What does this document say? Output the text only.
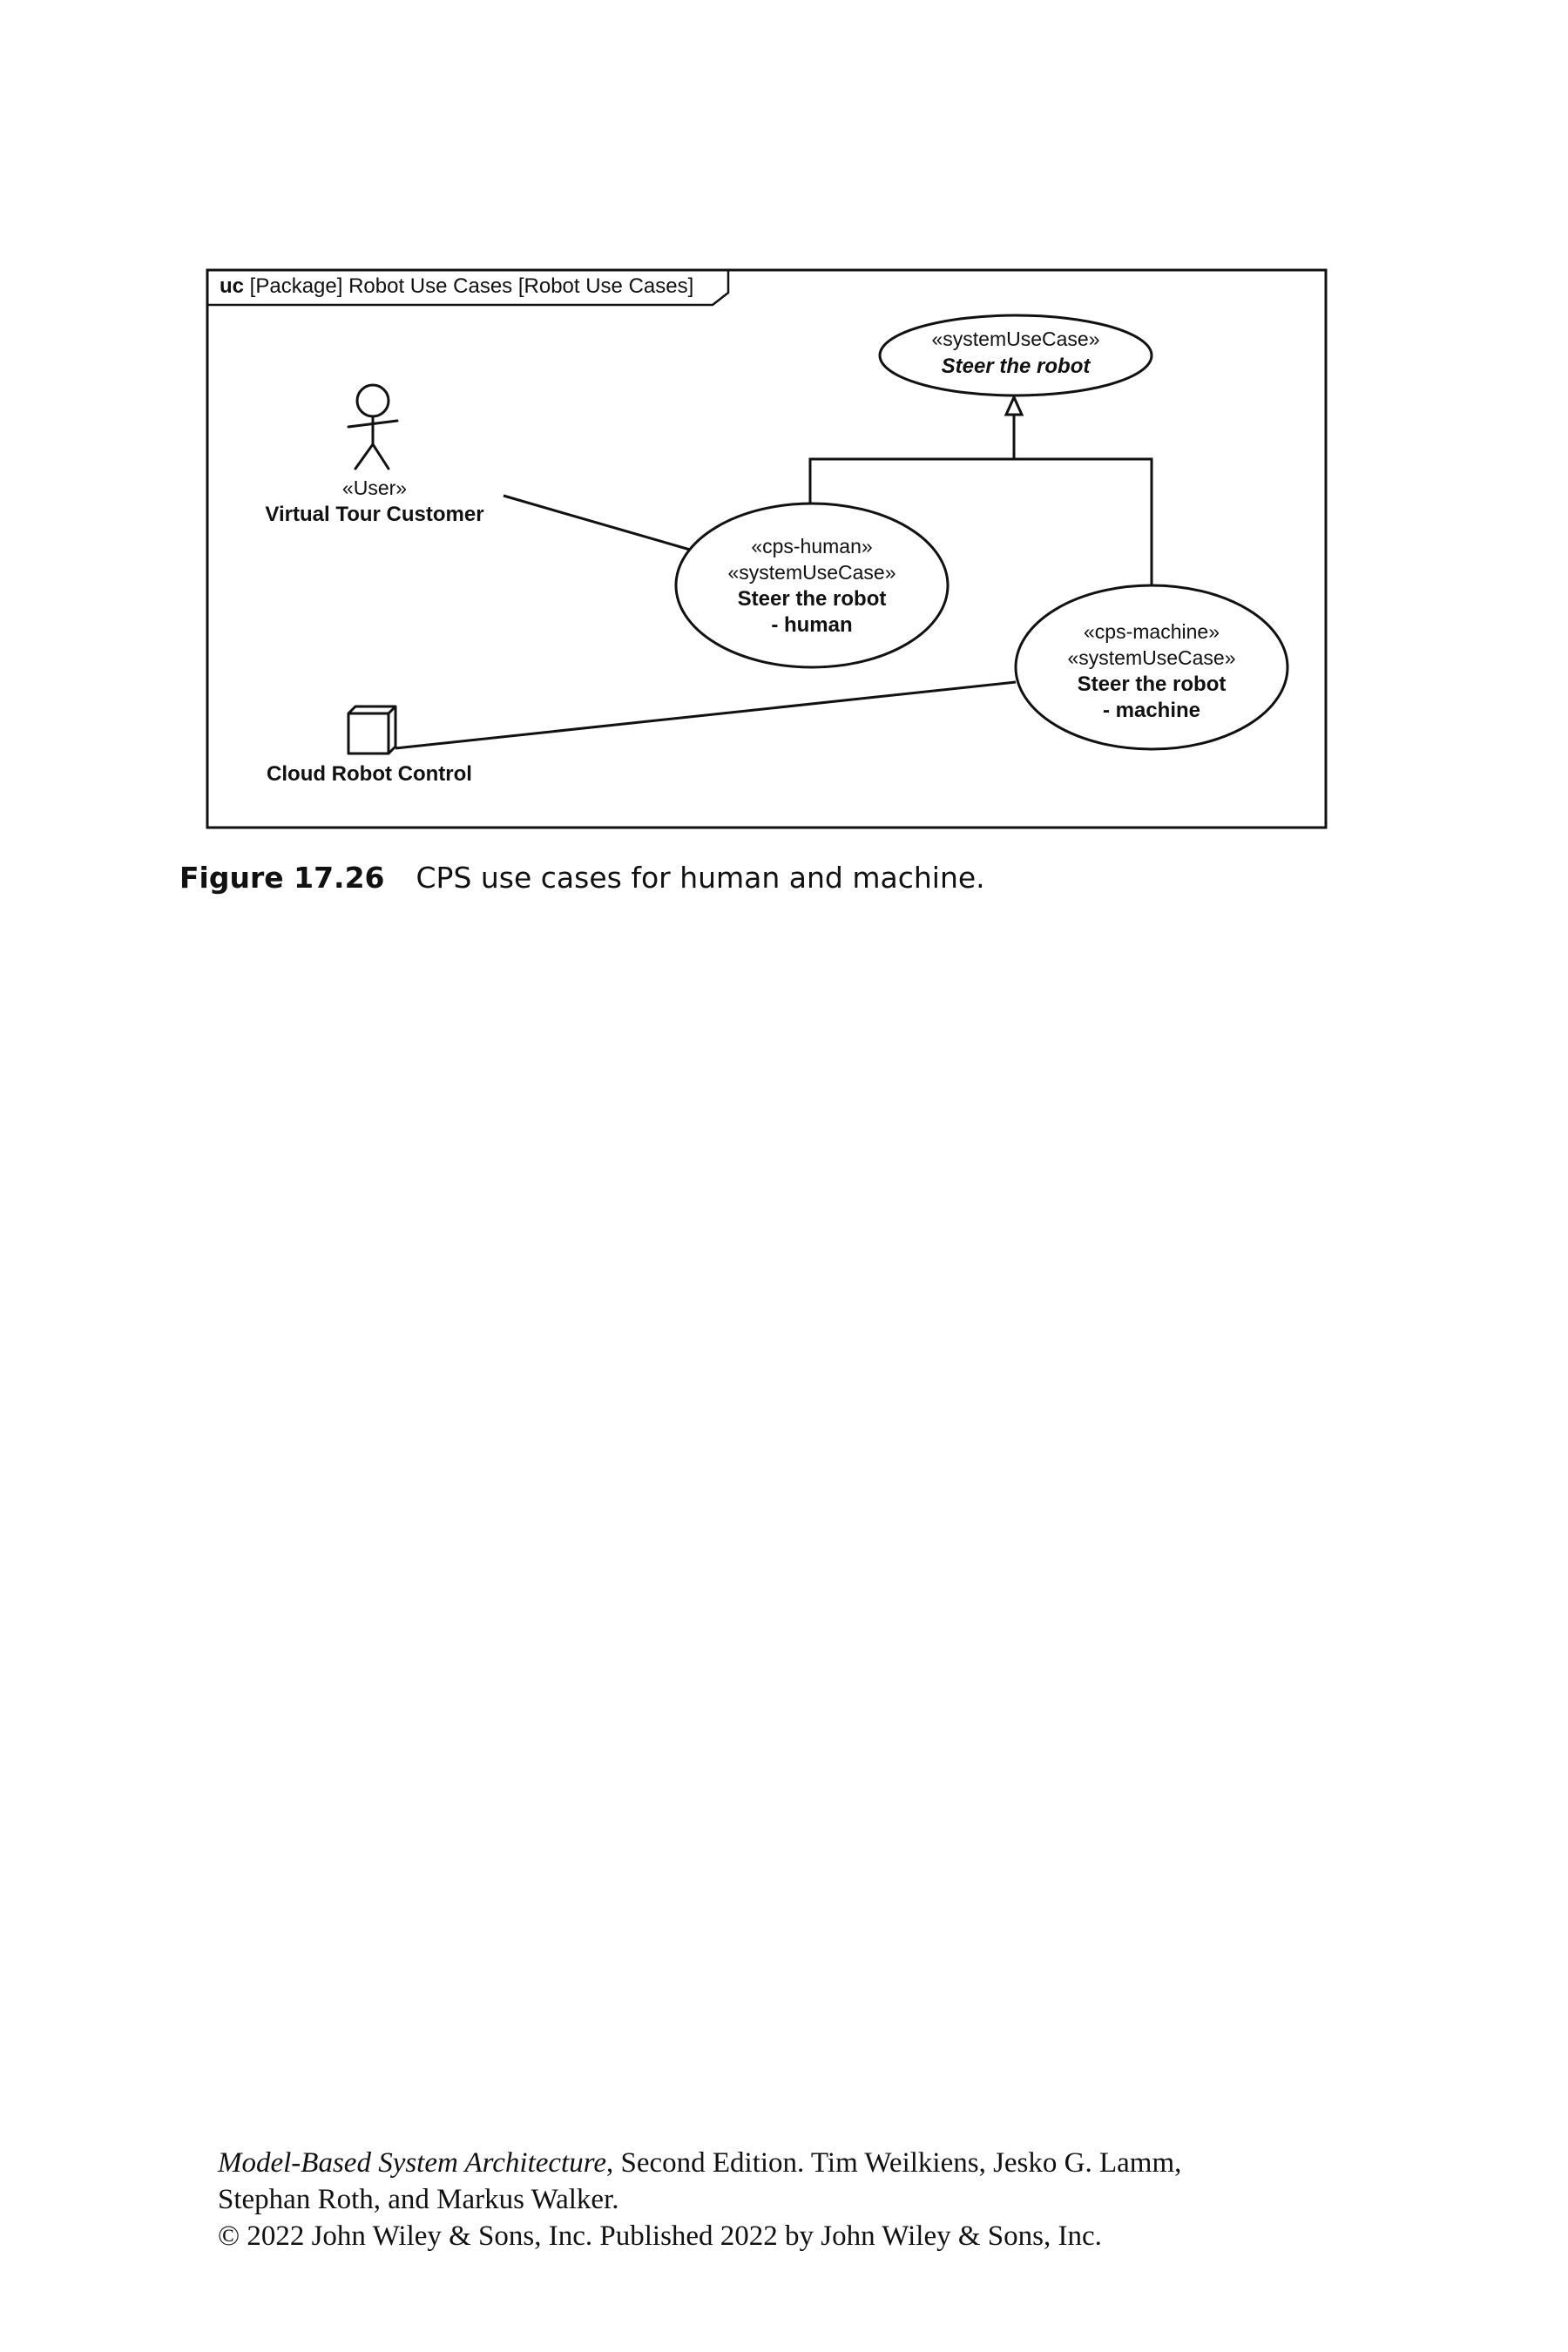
uc [Package] Robot Use Cases [Robot Use Cases]
«User»
Virtual Tour Customer
Cloud Robot Control
«systemUseCase»
Steer the robot
«cps-human»
«systemUseCase»
Steer the robot
- human	«cps-machine»
«systemUseCase»
Steer the robot
- machine
Figure 17.26 CPS use cases for human and machine.
Model-Based System Architecture, Second Edition. Tim Weilkiens, Jesko G. Lamm,
Stephan Roth, and Markus Walker.
© 2022 John Wiley & Sons, Inc. Published 2022 by John Wiley & Sons, Inc.
